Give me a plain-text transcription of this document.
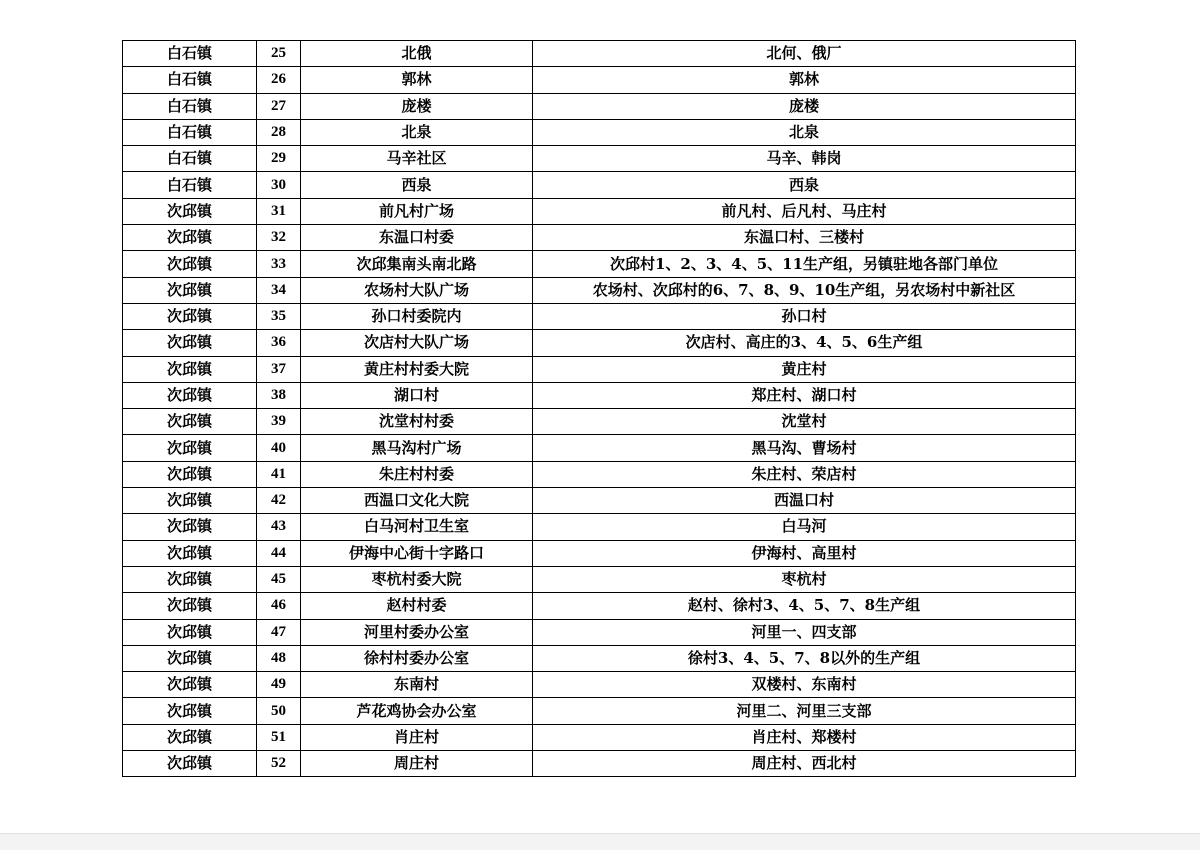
白石镇	25	北俄	北何、俄厂
白石镇	26	郭林	郭林
白石镇	27	庞楼	庞楼
白石镇	28	北泉	北泉
白石镇	29	马辛社区	马辛、韩岗
白石镇	30	西泉	西泉
次邱镇	31	前凡村广场	前凡村、后凡村、马庄村
次邱镇	32	东温口村委	东温口村、三楼村
次邱镇	33	次邱集南头南北路	次邱村1、2、3、4、5、11生产组，另镇驻地各部门单位
次邱镇	34	农场村大队广场	农场村、次邱村的6、7、8、9、10生产组，另农场村中新社区
次邱镇	35	孙口村委院内	孙口村
次邱镇	36	次店村大队广场	次店村、高庄的3、4、5、6生产组
次邱镇	37	黄庄村村委大院	黄庄村
次邱镇	38	湖口村	郑庄村、湖口村
次邱镇	39	沈堂村村委	沈堂村
次邱镇	40	黑马沟村广场	黑马沟、曹场村
次邱镇	41	朱庄村村委	朱庄村、荣店村
次邱镇	42	西温口文化大院	西温口村
次邱镇	43	白马河村卫生室	白马河
次邱镇	44	伊海中心街十字路口	伊海村、高里村
次邱镇	45	枣杭村委大院	枣杭村
次邱镇	46	赵村村委	赵村、徐村3、4、5、7、8生产组
次邱镇	47	河里村委办公室	河里一、四支部
次邱镇	48	徐村村委办公室	徐村3、4、5、7、8以外的生产组
次邱镇	49	东南村	双楼村、东南村
次邱镇	50	芦花鸡协会办公室	河里二、河里三支部
次邱镇	51	肖庄村	肖庄村、郑楼村
次邱镇	52	周庄村	周庄村、西北村
